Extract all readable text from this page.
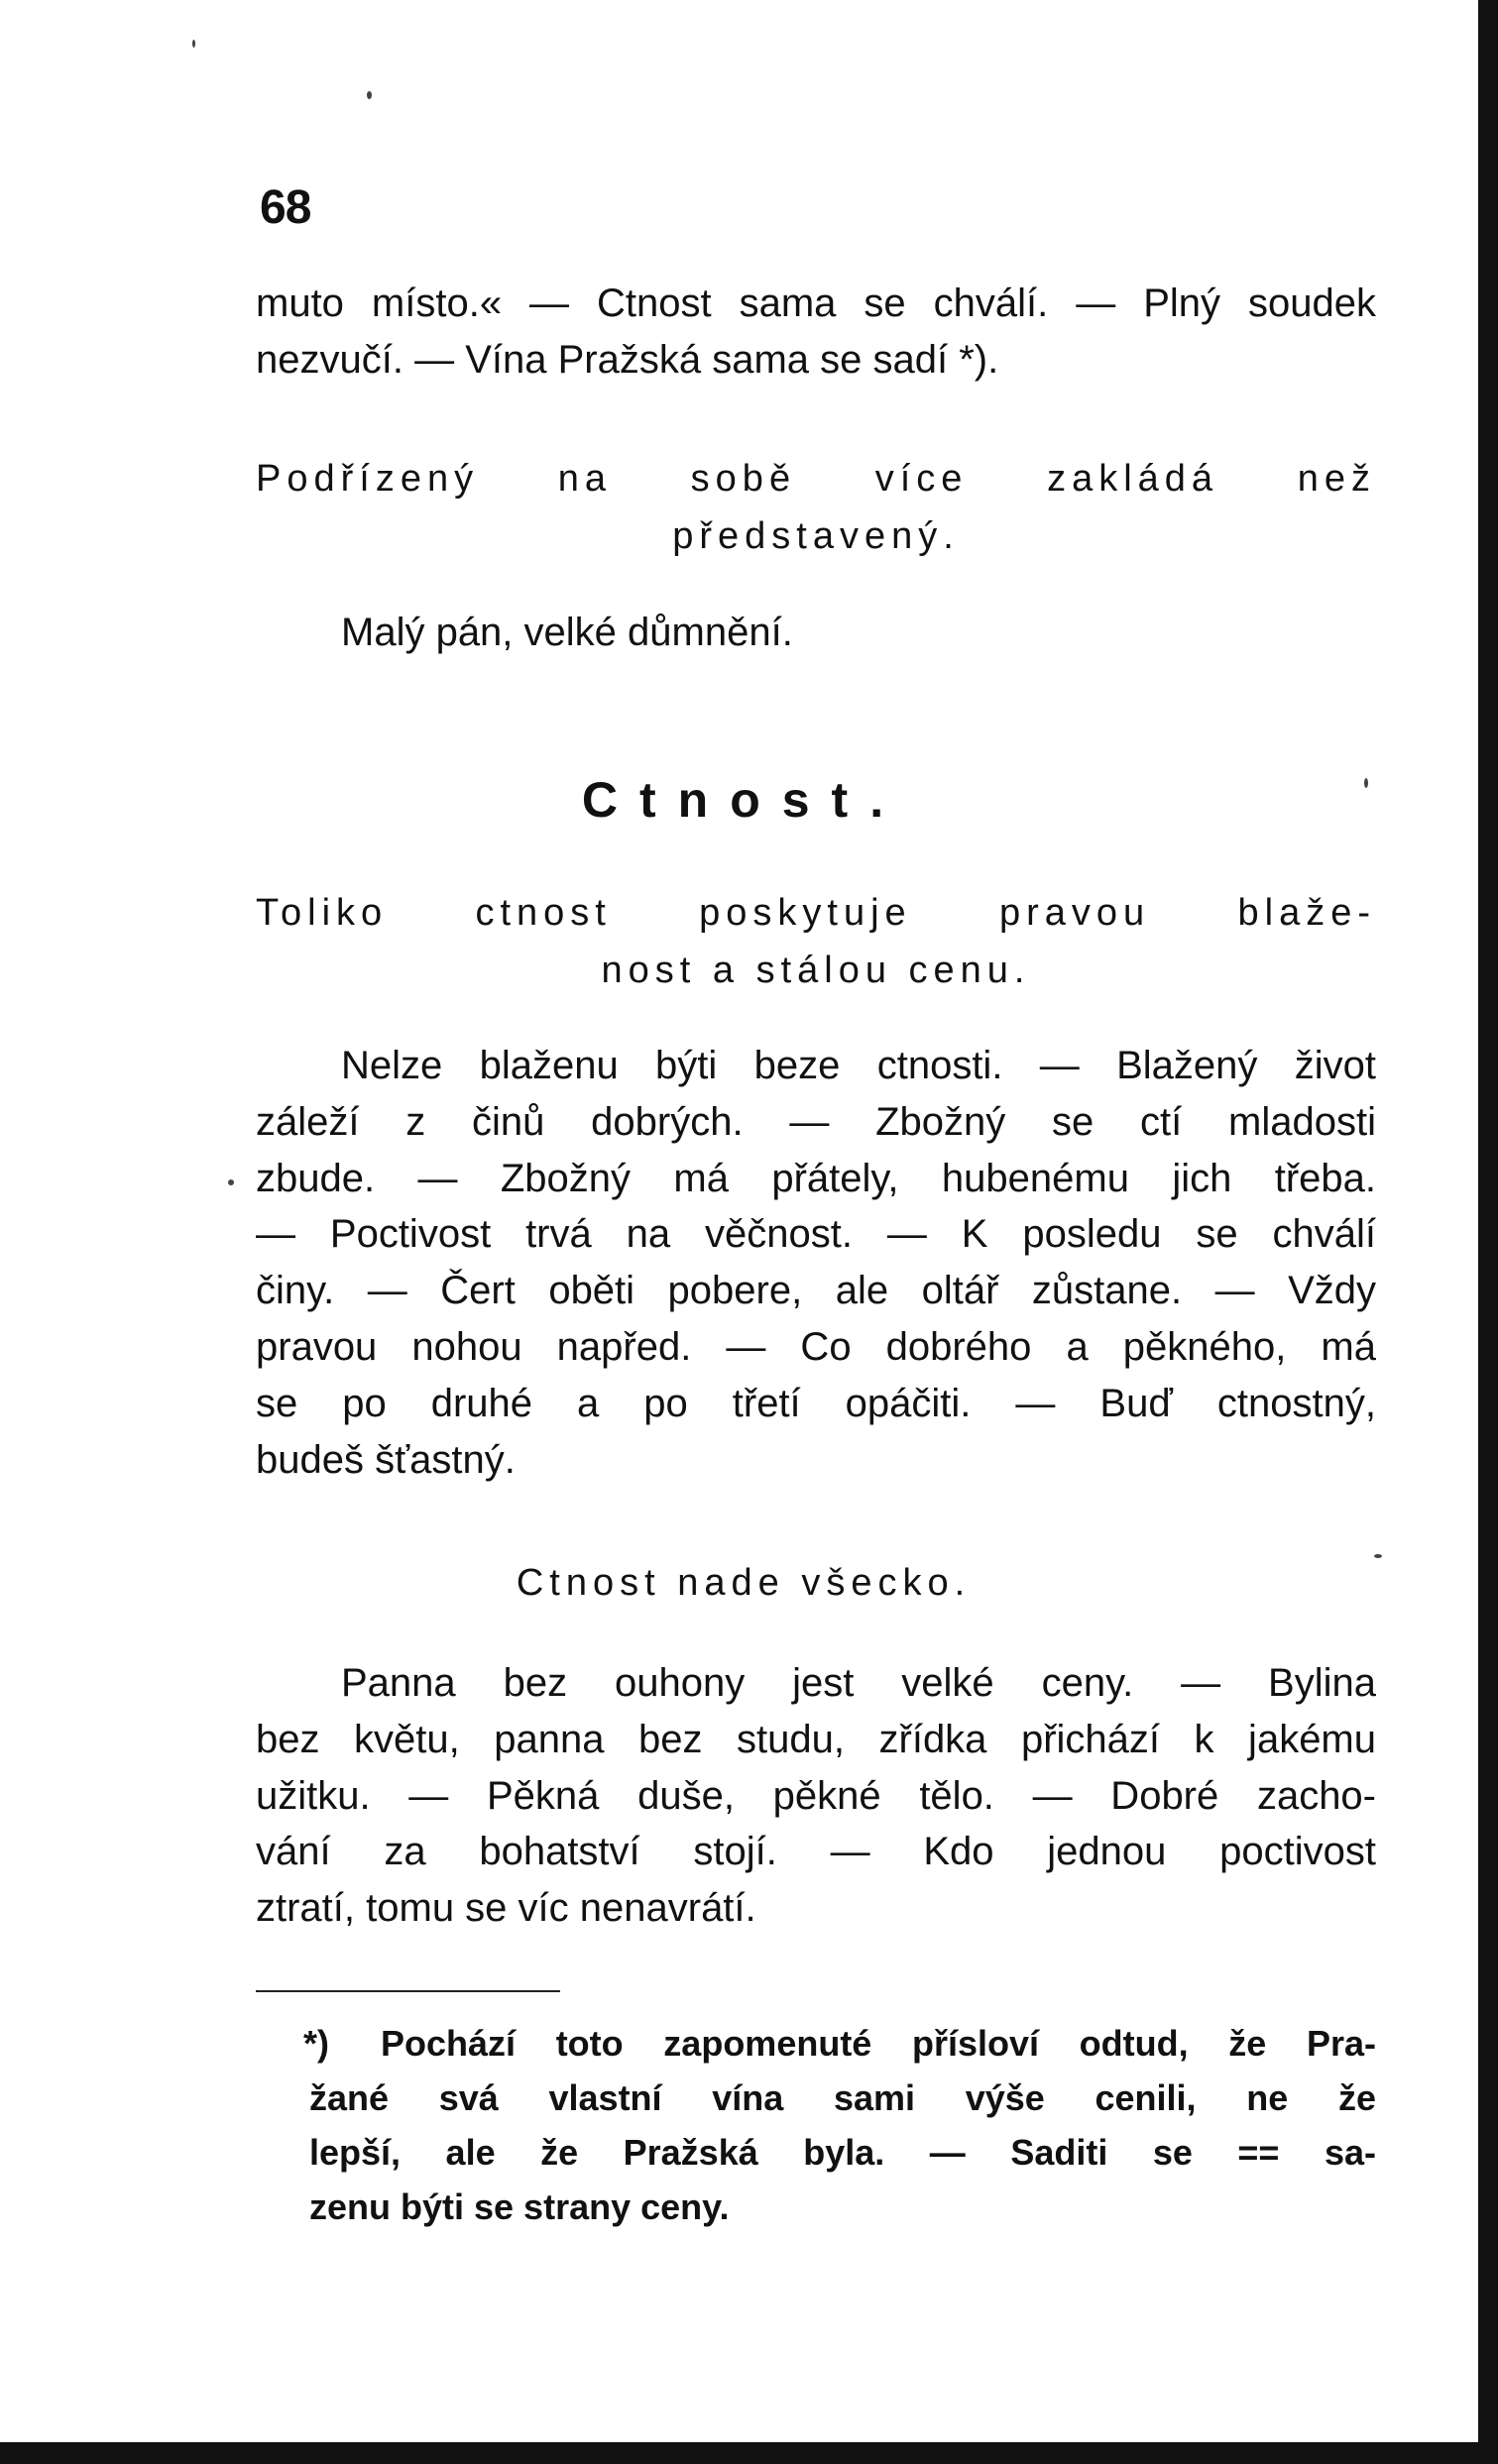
68
muto místo.« — Ctnost sama se chválí. — Plný soudek
nezvučí. — Vína Pražská sama se sadí *).
Podřízený na sobě více zakládá než
představený.
Malý pán, velké důmnění.
Ctnost.
Toliko ctnost poskytuje pravou blaže-
nost a stálou cenu.
Nelze blaženu býti beze ctnosti. — Blažený život
záleží z činů dobrých. — Zbožný se ctí mladosti
zbude. — Zbožný má přátely, hubenému jich třeba.
— Poctivost trvá na věčnost. — K posledu se chválí
činy. — Čert oběti pobere, ale oltář zůstane. — Vždy
pravou nohou napřed. — Co dobrého a pěkného, má
se po druhé a po třetí opáčiti. — Buď ctnostný,
budeš šťastný.
Ctnost nade všecko.
Panna bez ouhony jest velké ceny. — Bylina
bez květu, panna bez studu, zřídka přichází k jakému
užitku. — Pěkná duše, pěkné tělo. — Dobré zacho-
vání za bohatství stojí. — Kdo jednou poctivost
ztratí, tomu se víc nenavrátí.
*)	Pochází toto zapomenuté přísloví odtud, že Pra-
žané svá vlastní vína sami výše cenili, ne že
lepší, ale že Pražská byla. — Saditi se == sa-
zenu býti se strany ceny.
